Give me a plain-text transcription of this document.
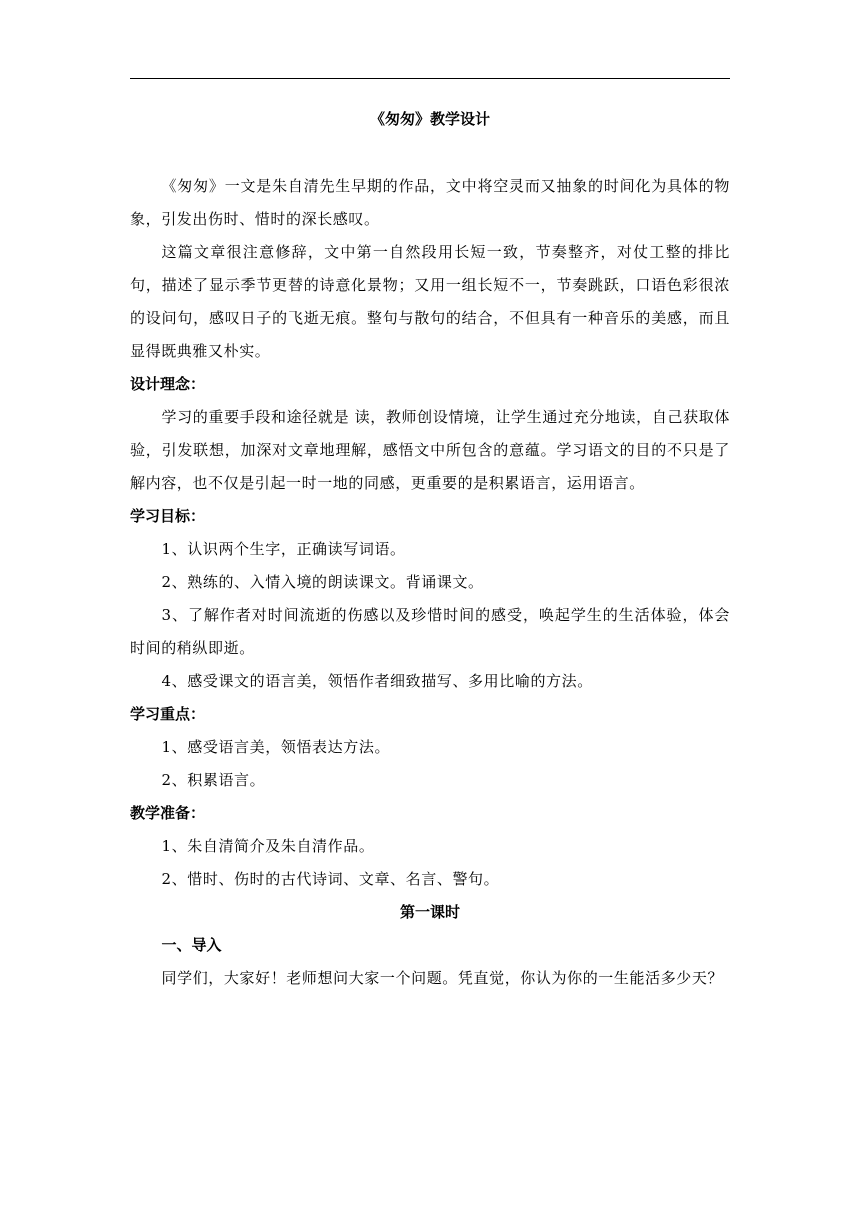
《匆匆》教学设计

《匆匆》一文是朱自清先生早期的作品，文中将空灵而又抽象的时间化为具体的物象，引发出伤时、惜时的深长感叹。

这篇文章很注意修辞，文中第一自然段用长短一致，节奏整齐，对仗工整的排比句，描述了显示季节更替的诗意化景物；又用一组长短不一，节奏跳跃，口语色彩很浓的设问句，感叹日子的飞逝无痕。整句与散句的结合，不但具有一种音乐的美感，而且显得既典雅又朴实。

设计理念：

学习的重要手段和途径就是 读，教师创设情境，让学生通过充分地读，自己获取体验，引发联想，加深对文章地理解，感悟文中所包含的意蕴。学习语文的目的不只是了解内容，也不仅是引起一时一地的同感，更重要的是积累语言，运用语言。

学习目标：

1、认识两个生字，正确读写词语。

2、熟练的、入情入境的朗读课文。背诵课文。

3、了解作者对时间流逝的伤感以及珍惜时间的感受，唤起学生的生活体验，体会时间的稍纵即逝。

4、感受课文的语言美，领悟作者细致描写、多用比喻的方法。

学习重点：

1、感受语言美，领悟表达方法。

2、积累语言。

教学准备：

1、朱自清简介及朱自清作品。

2、惜时、伤时的古代诗词、文章、名言、警句。

第一课时
一、导入

同学们，大家好！老师想问大家一个问题。凭直觉，你认为你的一生能活多少天？
